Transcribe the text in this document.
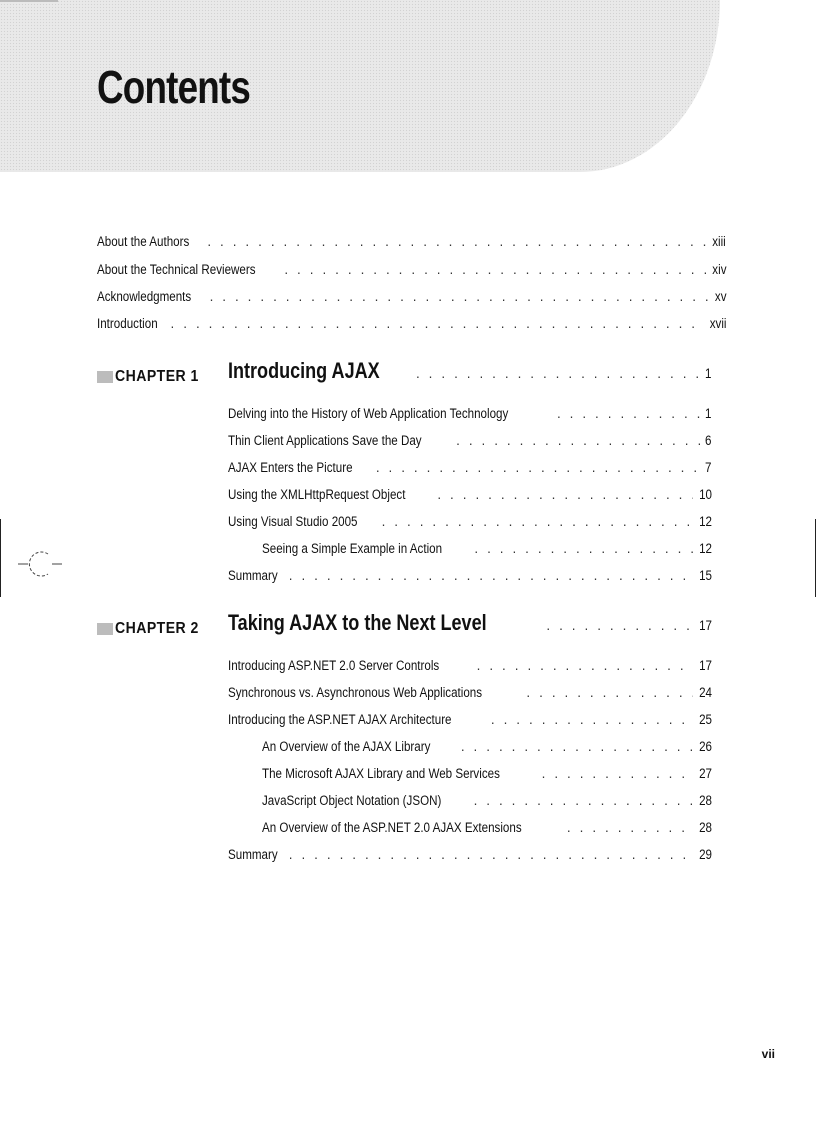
Contents
About the Authors . . .	xiii
About the Technical Reviewers . . .	xiv
Acknowledgments . . .	xv
Introduction . . .	xvii
CHAPTER 1 Introducing AJAX . . .	1
Delving into the History of Web Application Technology . . .	1
Thin Client Applications Save the Day . . .	6
AJAX Enters the Picture . . .	7
Using the XMLHttpRequest Object . . .	10
Using Visual Studio 2005 . . .	12
Seeing a Simple Example in Action . . .	12
Summary . . .	15
CHAPTER 2 Taking AJAX to the Next Level . . .	17
Introducing ASP.NET 2.0 Server Controls . . .	17
Synchronous vs. Asynchronous Web Applications . . .	24
Introducing the ASP.NET AJAX Architecture . . .	25
An Overview of the AJAX Library . . .	26
The Microsoft AJAX Library and Web Services . . .	27
JavaScript Object Notation (JSON) . . .	28
An Overview of the ASP.NET 2.0 AJAX Extensions . . .	28
Summary . . .	29
vii
